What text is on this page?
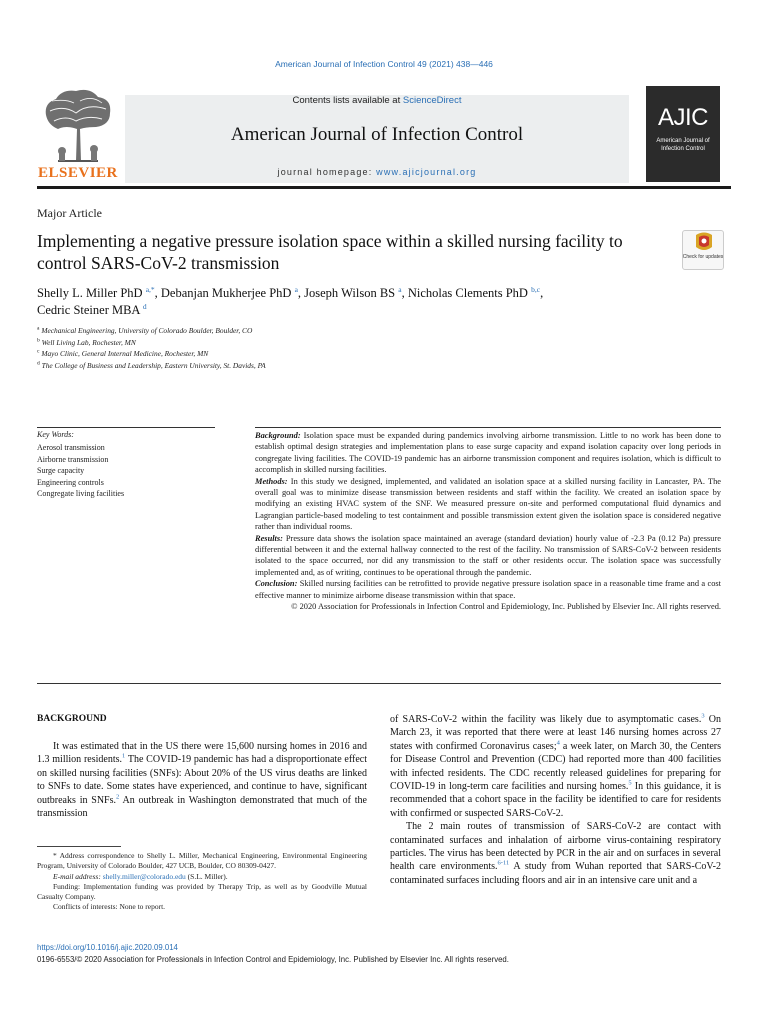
American Journal of Infection Control 49 (2021) 438—446
ELSEVIER
Contents lists available at ScienceDirect
American Journal of Infection Control
journal homepage: www.ajicjournal.org
AJIC
American Journal of Infection Control
Major Article
Implementing a negative pressure isolation space within a skilled nursing facility to control SARS-CoV-2 transmission	Check for updates
Shelly L. Miller PhD $^{a,*}$, Debanjan Mukherjee PhD $^a$, Joseph Wilson BS $^a$, Nicholas Clements PhD $^{b,c}$,
Cedric Steiner MBA $^d$
$^a$ Mechanical Engineering, University of Colorado Boulder, Boulder, CO
$^b$ Well Living Lab, Rochester, MN
$^c$ Mayo Clinic, General Internal Medicine, Rochester, MN
$^d$ The College of Business and Leadership, Eastern University, St. Davids, PA
Key Words:
Aerosol transmission
Airborne transmission
Surge capacity
Engineering controls
Congregate living facilities
Background: Isolation space must be expanded during pandemics involving airborne transmission. Little to no work has been done to establish optimal design strategies and implementation plans to ease surge capacity and expand isolation capacity over long periods in congregate living facilities. The COVID-19 pandemic has an airborne transmission component and requires isolation, which is difficult to accomplish in skilled nursing facilities.
Methods: In this study we designed, implemented, and validated an isolation space at a skilled nursing facility in Lancaster, PA. The overall goal was to minimize disease transmission between residents and staff within the facility. We created an isolation space by modifying an existing HVAC system of the SNF. We measured pressure on-site and performed computational fluid dynamics and Lagrangian particle-based modeling to test containment and possible transmission extent given the isolation space is considered negative rather than individual rooms.
Results: Pressure data shows the isolation space maintained an average (standard deviation) hourly value of -2.3 Pa (0.12 Pa) pressure differential between it and the external hallway connected to the rest of the facility. No transmission of SARS-CoV-2 between residents isolated to the space occurred, nor did any transmission to the staff or other residents occur. The isolation space was successfully implemented and, as of writing, continues to be operational through the pandemic.
Conclusion: Skilled nursing facilities can be retrofitted to provide negative pressure isolation space in a reasonable time frame and a cost effective manner to minimize airborne disease transmission within that space.
© 2020 Association for Professionals in Infection Control and Epidemiology, Inc. Published by Elsevier Inc. All rights reserved.
BACKGROUND

It was estimated that in the US there were 15,600 nursing homes in 2016 and 1.3 million residents.$^1$ The COVID-19 pandemic has had a disproportionate effect on skilled nursing facilities (SNFs): About 20% of the US virus deaths are linked to SNFs to date. Some states have experienced, and continue to have, significant outbreaks in SNFs.$^2$ An outbreak in Washington demonstrated that much of the transmission

of SARS-CoV-2 within the facility was likely due to asymptomatic cases.$^3$ On March 23, it was reported that there were at least 146 nursing homes across 27 states with confirmed Coronavirus cases;$^4$ a week later, on March 30, the Centers for Disease Control and Prevention (CDC) had reported more than 400 facilities with infected residents. The CDC recently released guidelines for preparing for COVID-19 in long-term care facilities and nursing homes.$^5$ In this guidance, it is recommended that a cohort space in the facility be identified to care for residents with confirmed or suspected SARS-CoV-2.

The 2 main routes of transmission of SARS-CoV-2 are contact with contaminated surfaces and inhalation of airborne virus-containing respiratory particles. The virus has been detected by PCR in the air and on surfaces in several health care environments.$^{6-11}$ A study from Wuhan reported that SARS-CoV-2 contaminated surfaces including floors and air in an intensive care unit and a

* Address correspondence to Shelly L. Miller, Mechanical Engineering, Environmental Engineering Program, University of Colorado Boulder, 427 UCB, Boulder, CO 80309-0427.

E-mail address: shelly.miller@colorado.edu (S.L. Miller).

Funding: Implementation funding was provided by Therapy Trip, as well as by Goodville Mutual Casualty Company.

Conflicts of interests: None to report.

https://doi.org/10.1016/j.ajic.2020.09.014
0196-6553/© 2020 Association for Professionals in Infection Control and Epidemiology, Inc. Published by Elsevier Inc. All rights reserved.
